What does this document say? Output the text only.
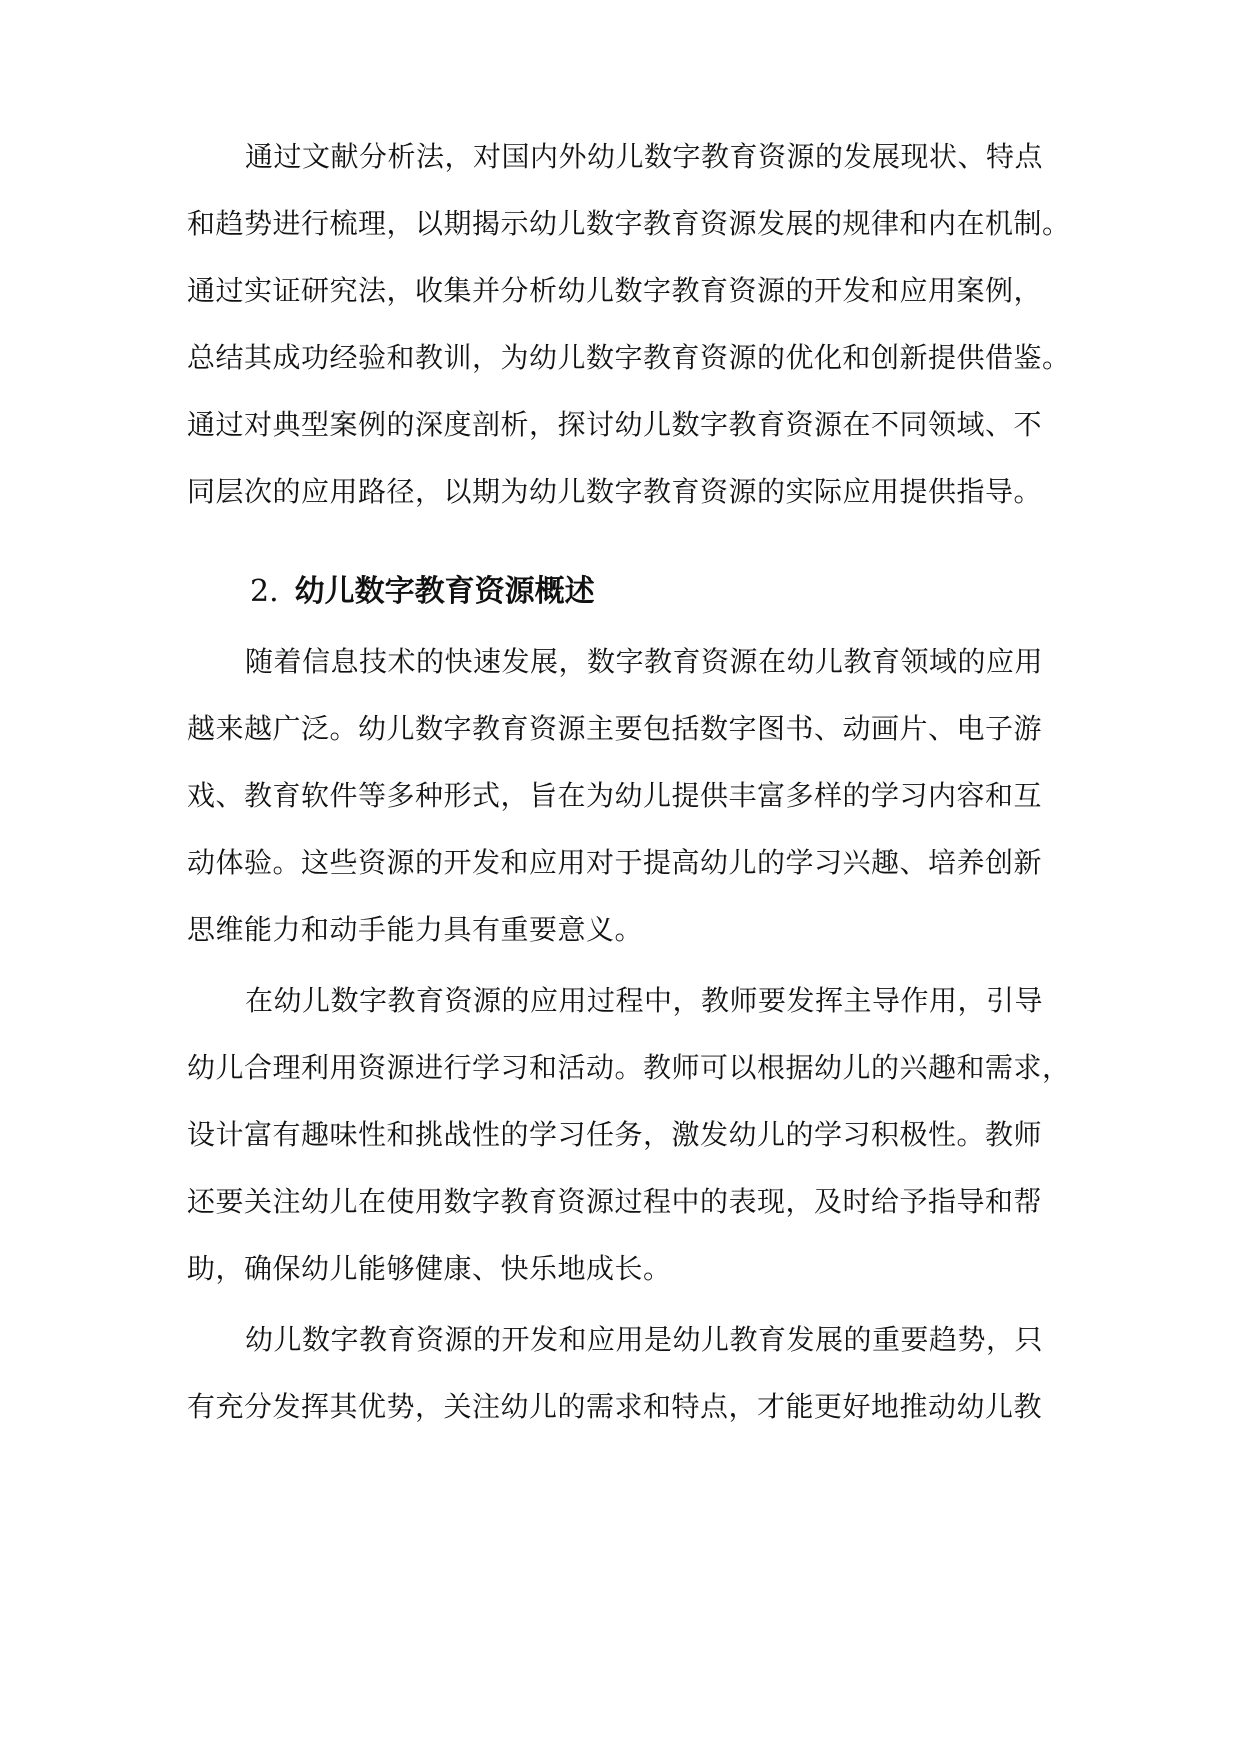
通过文献分析法，对国内外幼儿数字教育资源的发展现状、特点
和趋势进行梳理，以期揭示幼儿数字教育资源发展的规律和内在机制。
通过实证研究法，收集并分析幼儿数字教育资源的开发和应用案例，
总结其成功经验和教训，为幼儿数字教育资源的优化和创新提供借鉴。
通过对典型案例的深度剖析，探讨幼儿数字教育资源在不同领域、不
同层次的应用路径，以期为幼儿数字教育资源的实际应用提供指导。
2. 幼儿数字教育资源概述
随着信息技术的快速发展，数字教育资源在幼儿教育领域的应用
越来越广泛。幼儿数字教育资源主要包括数字图书、动画片、电子游
戏、教育软件等多种形式，旨在为幼儿提供丰富多样的学习内容和互
动体验。这些资源的开发和应用对于提高幼儿的学习兴趣、培养创新
思维能力和动手能力具有重要意义。
在幼儿数字教育资源的应用过程中，教师要发挥主导作用，引导
幼儿合理利用资源进行学习和活动。教师可以根据幼儿的兴趣和需求，
设计富有趣味性和挑战性的学习任务，激发幼儿的学习积极性。教师
还要关注幼儿在使用数字教育资源过程中的表现，及时给予指导和帮
助，确保幼儿能够健康、快乐地成长。
幼儿数字教育资源的开发和应用是幼儿教育发展的重要趋势，只
有充分发挥其优势，关注幼儿的需求和特点，才能更好地推动幼儿教
